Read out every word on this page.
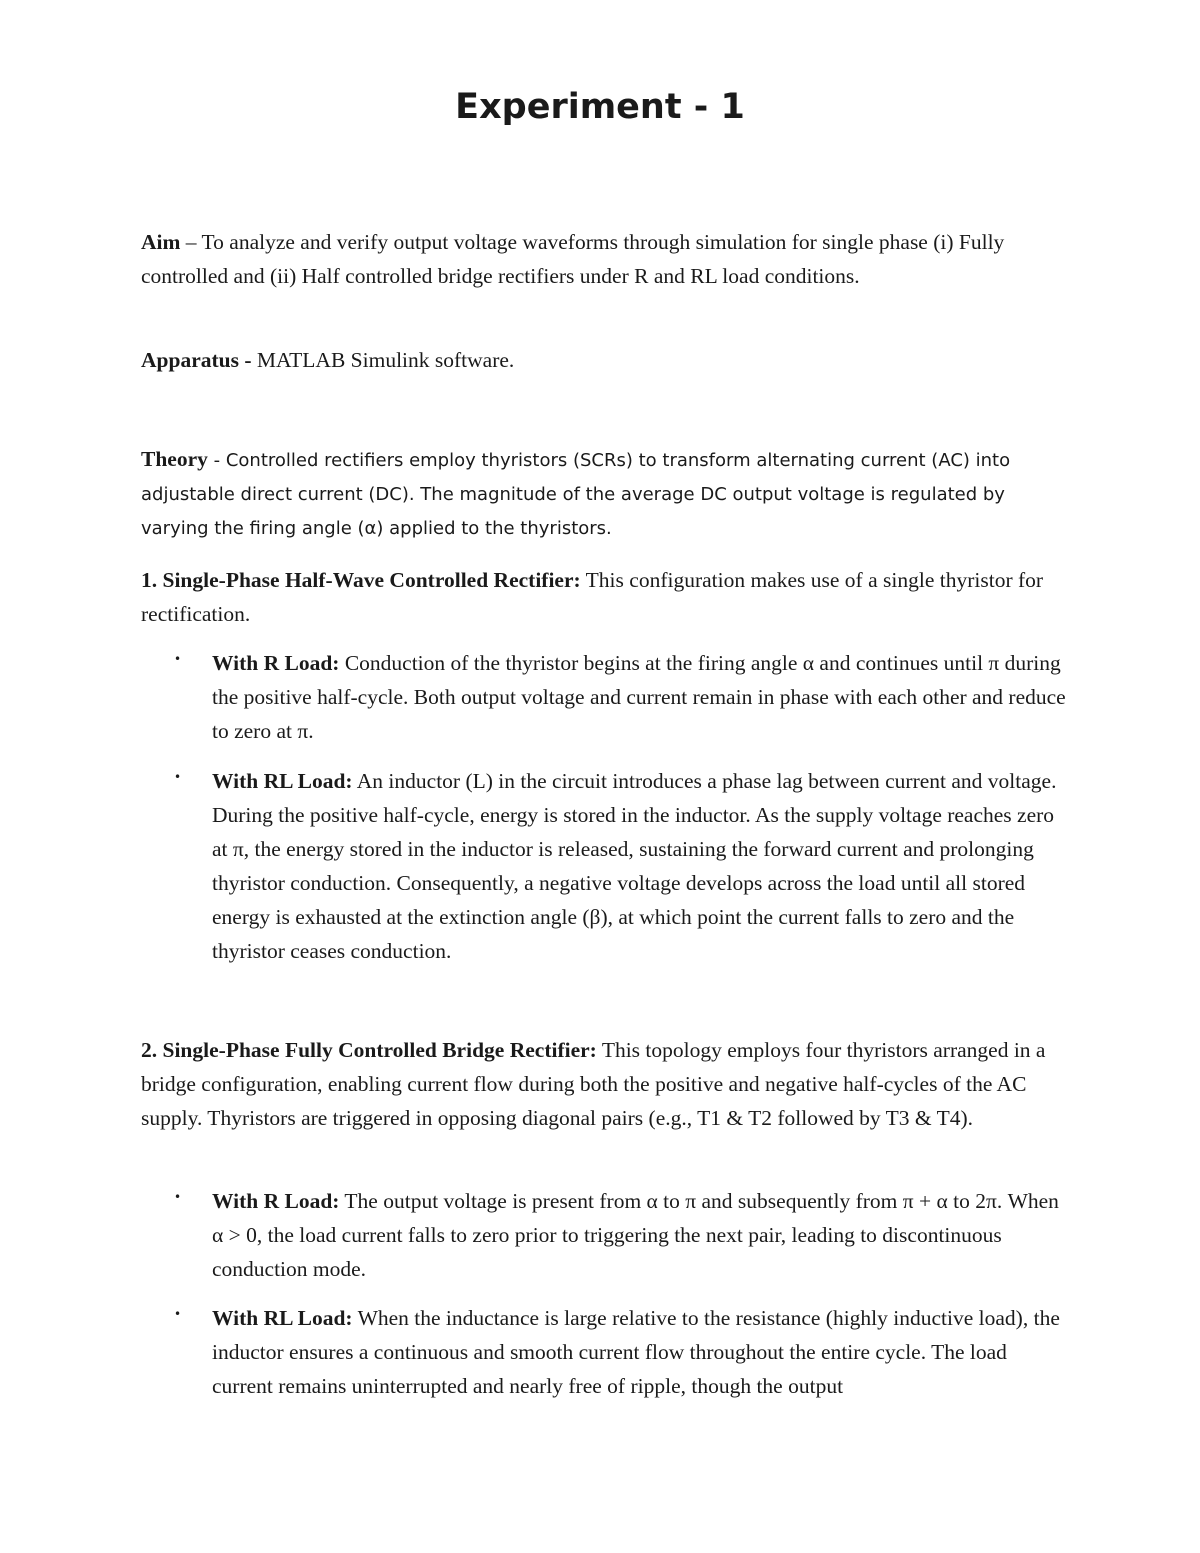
Experiment - 1

Aim – To analyze and verify output voltage waveforms through simulation for single phase (i) Fully controlled and (ii) Half controlled bridge rectifiers under R and RL load conditions.

Apparatus - MATLAB Simulink software.

Theory - Controlled rectifiers employ thyristors (SCRs) to transform alternating current (AC) into adjustable direct current (DC). The magnitude of the average DC output voltage is regulated by varying the firing angle (α) applied to the thyristors.

1. Single-Phase Half-Wave Controlled Rectifier: This configuration makes use of a single thyristor for rectification.

• With R Load: Conduction of the thyristor begins at the firing angle α and continues until π during the positive half-cycle. Both output voltage and current remain in phase with each other and reduce to zero at π.
• With RL Load: An inductor (L) in the circuit introduces a phase lag between current and voltage. During the positive half-cycle, energy is stored in the inductor. As the supply voltage reaches zero at π, the energy stored in the inductor is released, sustaining the forward current and prolonging thyristor conduction. Consequently, a negative voltage develops across the load until all stored energy is exhausted at the extinction angle (β), at which point the current falls to zero and the thyristor ceases conduction.

2. Single-Phase Fully Controlled Bridge Rectifier: This topology employs four thyristors arranged in a bridge configuration, enabling current flow during both the positive and negative half-cycles of the AC supply. Thyristors are triggered in opposing diagonal pairs (e.g., T1 & T2 followed by T3 & T4).

• With R Load: The output voltage is present from α to π and subsequently from π + α to 2π. When α > 0, the load current falls to zero prior to triggering the next pair, leading to discontinuous conduction mode.
• With RL Load: When the inductance is large relative to the resistance (highly inductive load), the inductor ensures a continuous and smooth current flow throughout the entire cycle. The load current remains uninterrupted and nearly free of ripple, though the output
